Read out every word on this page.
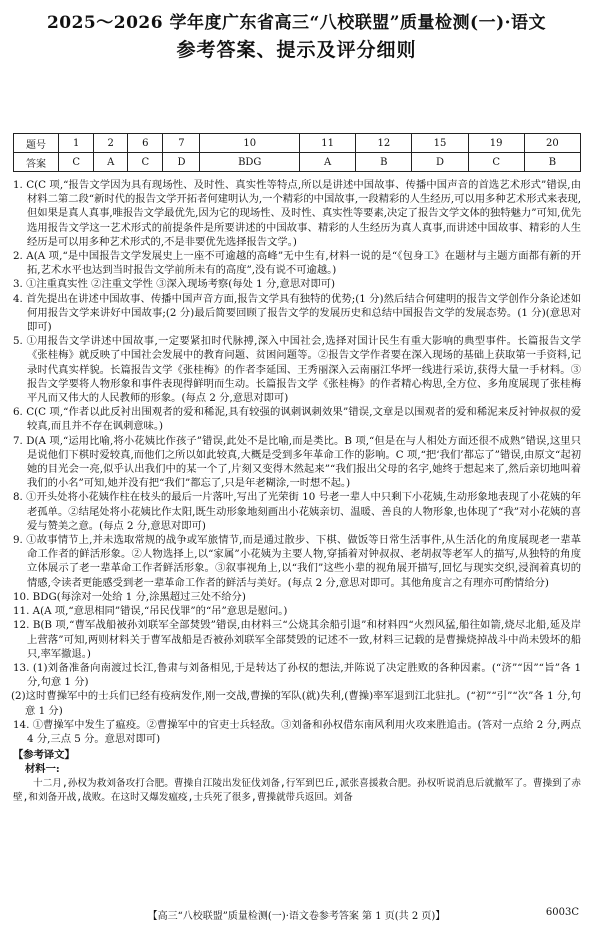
2025～2026 学年度广东省高三“八校联盟”质量检测(一)·语文
参考答案、提示及评分细则
题号	1	2	6	7	10	11	12	15	19	20
答案	C	A	C	D	BDG	A	B	D	C	B

1. C(C 项,“报告文学因为具有现场性、及时性、真实性等特点,所以是讲述中国故事、传播中国声音的首选艺术形式”错误,由材料二第二段“新时代的报告文学开拓者何建明认为,一个精彩的中国故事,一段精彩的人生经历,可以用多种艺术形式来表现,但如果是真人真事,唯报告文学最优先,因为它的现场性、及时性、真实性等要素,决定了报告文学文体的独特魅力”可知,优先选用报告文学这一艺术形式的前提条件是所要讲述的中国故事、精彩的人生经历为真人真事,而讲述中国故事、精彩的人生经历是可以用多种艺术形式的,不是非要优先选择报告文学。)

2. A(A 项,“是中国报告文学发展史上一座不可逾越的高峰”无中生有,材料一说的是“《包身工》在题材与主题方面都有新的开拓,艺术水平也达到当时报告文学前所未有的高度”,没有说不可逾越。)

3. ①注重真实性 ②注重文学性 ③深入现场考察(每处 1 分,意思对即可)

4. 首先提出在讲述中国故事、传播中国声音方面,报告文学具有独特的优势;(1 分)然后结合何建明的报告文学创作分条论述如何用报告文学来讲好中国故事;(2 分)最后简要回顾了报告文学的发展历史和总结中国报告文学的发展态势。(1 分)(意思对即可)

5. ①用报告文学讲述中国故事,一定要紧扣时代脉搏,深入中国社会,选择对国计民生有重大影响的典型事件。长篇报告文学《张桂梅》就反映了中国社会发展中的教育问题、贫困问题等。②报告文学作者要在深入现场的基础上获取第一手资料,记录时代真实样貌。长篇报告文学《张桂梅》的作者李延国、王秀丽深入云南丽江华坪一线进行采访,获得大量一手材料。③报告文学要将人物形象和事件表现得鲜明而生动。长篇报告文学《张桂梅》的作者精心构思,全方位、多角度展现了张桂梅平凡而又伟大的人民教师的形象。(每点 2 分,意思对即可)

6. C(C 项,“作者以此反衬出围观者的爱和稀泥,具有较强的讽刺讽刺效果”错误,文章是以围观者的爱和稀泥来反衬钟叔叔的爱较真,而且并不存在讽刺意味。)

7. D(A 项,“运用比喻,将小花姨比作孩子”错误,此处不是比喻,而是类比。B 项,“但是在与人相处方面还很不成熟”错误,这里只是说他们下棋时爱较真,而他们之所以如此较真,大概是受到多年革命工作的影响。C 项,“把‘我们’都忘了”错误,由原文“起初她的目光会一亮,似乎认出我们中的某一个了,片刻又变得木然起来”“我们报出父母的名字,她终于想起来了,然后亲切地叫着我们的小名”可知,她并没有把“我们”都忘了,只是年老糊涂,一时想不起。)

8. ①开头处将小花姨作柱在枝头的最后一片落叶,写出了光荣街 10 号老一辈人中只剩下小花姨,生动形象地表现了小花姨的年老孤单。②结尾处将小花姨比作太阳,既生动形象地刻画出小花姨亲切、温暖、善良的人物形象,也体现了“我”对小花姨的喜爱与赞美之意。(每点 2 分,意思对即可)

9. ①故事情节上,并未选取常规的战争或军旅情节,而是通过散步、下棋、做饭等日常生活事件,从生活化的角度展现老一辈革命工作者的鲜活形象。②人物选择上,以“家属”小花姨为主要人物,穿插着对钟叔叔、老胡叔等老军人的描写,从独特的角度立体展示了老一辈革命工作者鲜活形象。③叙事视角上,以“我们”这些小辈的视角展开描写,回忆与现实交织,浸润着真切的情感,令读者更能感受到老一辈革命工作者的鲜活与美好。(每点 2 分,意思对即可。其他角度言之有理亦可酌情给分)

10. BDG(每涂对一处给 1 分,涂黑超过三处不给分)

11. A(A 项,“意思相同”错误,“吊民伐罪”的“吊”意思是慰问。)

12. B(B 项,“曹军战船被孙刘联军全部焚毁”错误,由材料三“公烧其余船引退”和材料四“火烈风猛,船往如箭,烧尽北船,延及岸上营落”可知,两则材料关于曹军战船是否被孙刘联军全部焚毁的记述不一致,材料三记载的是曹操烧掉战斗中尚未毁坏的船只,率军撤退。)

13. (1)刘备准备向南渡过长江,鲁肃与刘备相见,于是转达了孙权的想法,并陈说了决定胜败的各种因素。(“济”“因”“旨”各 1 分,句意 1 分)

(2)这时曹操军中的士兵们已经有疫病发作,刚一交战,曹操的军队(就)失利,(曹操)率军退到江北驻扎。(“初”“引”“次”各 1 分,句意 1 分)

14. ①曹操军中发生了瘟疫。②曹操军中的官吏士兵轻敌。③刘备和孙权借东南风利用火攻来胜追击。(答对一点给 2 分,两点 4 分,三点 5 分。意思对即可)

【参考译文】
材料一:
十二月,孙权为救刘备攻打合肥。曹操自江陵出发征伐刘备,行军到巴丘,派张喜援救合肥。孙权听说消息后就撤军了。曹操到了赤壁,和刘备开战,战败。在这时又爆发瘟疫,士兵死了很多,曹操就带兵返回。刘备
【高三“八校联盟”质量检测(一)·语文卷参考答案 第 1 页(共 2 页)】	6003C
